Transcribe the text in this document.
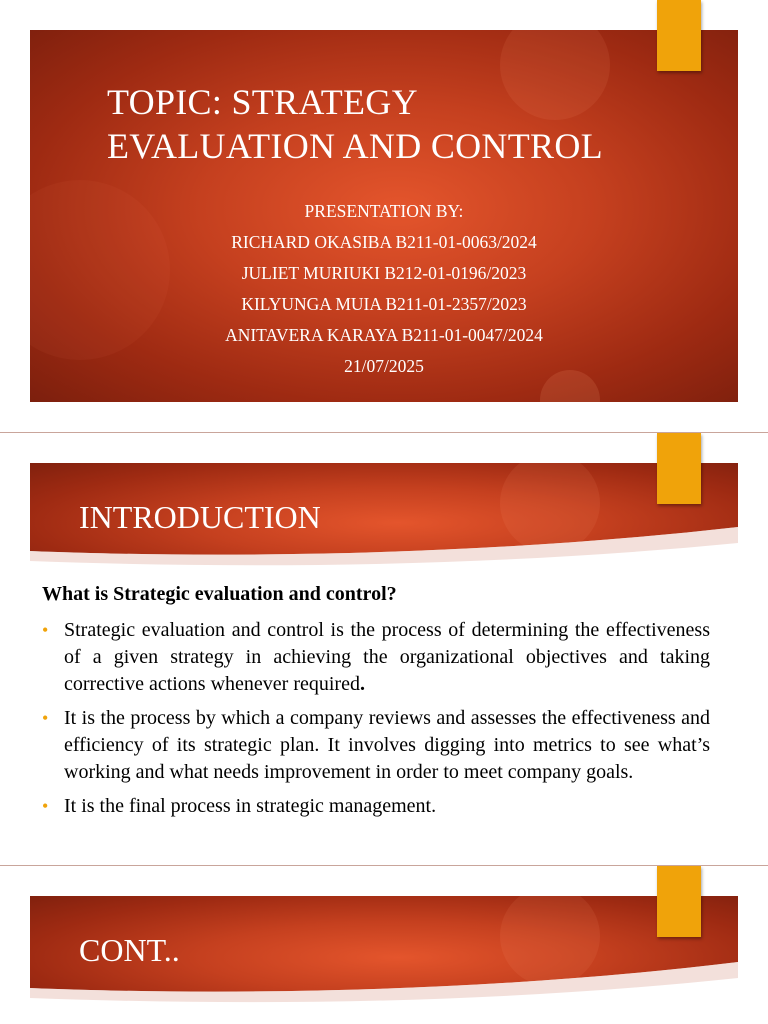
TOPIC: STRATEGY
EVALUATION AND CONTROL
PRESENTATION BY:
RICHARD OKASIBA B211-01-0063/2024
JULIET MURIUKI B212-01-0196/2023
KILYUNGA MUIA B211-01-2357/2023
ANITAVERA KARAYA B211-01-0047/2024
21/07/2025
INTRODUCTION
What is Strategic evaluation and control?
• Strategic evaluation and control is the process of determining the effectiveness of a given strategy in achieving the organizational objectives and taking corrective actions whenever required.
• It is the process by which a company reviews and assesses the effectiveness and efficiency of its strategic plan. It involves digging into metrics to see what’s working and what needs improvement in order to meet company goals.
• It is the final process in strategic management.
CONT..
